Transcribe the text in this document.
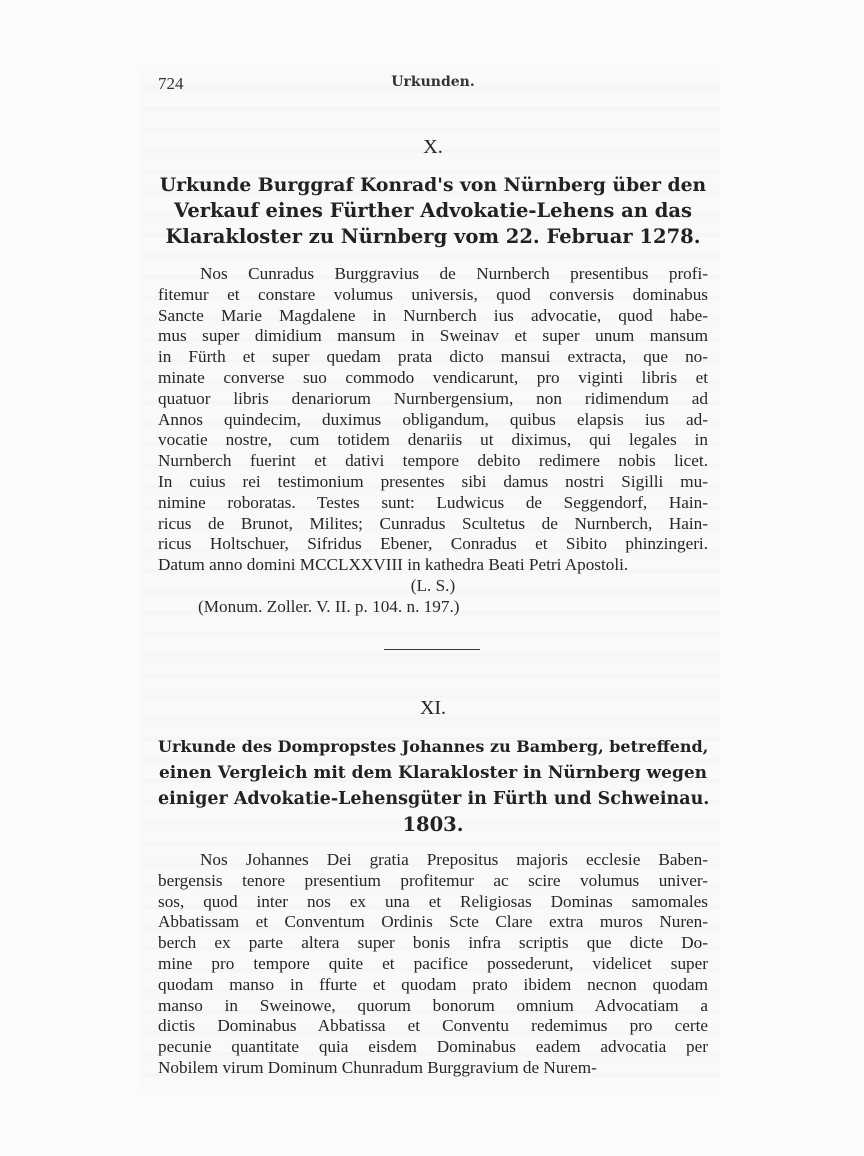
724	Urkunden.
X.
Urkunde Burggraf Konrad's von Nürnberg über den
Verkauf eines Fürther Advokatie-Lehens an das
Klarakloster zu Nürnberg vom 22. Februar 1278.
Nos Cunradus Burggravius de Nurnberch presentibus profi-
fitemur et constare volumus universis, quod conversis dominabus
Sancte Marie Magdalene in Nurnberch ius advocatie, quod habe-
mus super dimidium mansum in Sweinav et super unum mansum
in Fürth et super quedam prata dicto mansui extracta, que no-
minate converse suo commodo vendicarunt, pro viginti libris et
quatuor libris denariorum Nurnbergensium, non ridimendum ad
Annos quindecim, duximus obligandum, quibus elapsis ius ad-
vocatie nostre, cum totidem denariis ut diximus, qui legales in
Nurnberch fuerint et dativi tempore debito redimere nobis licet.
In cuius rei testimonium presentes sibi damus nostri Sigilli mu-
nimine roboratas. Testes sunt: Ludwicus de Seggendorf, Hain-
ricus de Brunot, Milites; Cunradus Scultetus de Nurnberch, Hain-
ricus Holtschuer, Sifridus Ebener, Conradus et Sibito phinzingeri.
Datum anno domini MCCLXXVIII in kathedra Beati Petri Apostoli.
(L. S.)
(Monum. Zoller. V. II. p. 104. n. 197.)
XI.
Urkunde des Dompropstes Johannes zu Bamberg, betreffend,
einen Vergleich mit dem Klarakloster in Nürnberg wegen
einiger Advokatie-Lehensgüter in Fürth und Schweinau.
1803.
Nos Johannes Dei gratia Prepositus majoris ecclesie Baben-
bergensis tenore presentium profitemur ac scire volumus univer-
sos, quod inter nos ex una et Religiosas Dominas samomales
Abbatissam et Conventum Ordinis Scte Clare extra muros Nuren-
berch ex parte altera super bonis infra scriptis que dicte Do-
mine pro tempore quite et pacifice possederunt, videlicet super
quodam manso in ffurte et quodam prato ibidem necnon quodam
manso in Sweinowe, quorum bonorum omnium Advocatiam a
dictis Dominabus Abbatissa et Conventu redemimus pro certe
pecunie quantitate quia eisdem Dominabus eadem advocatia per
Nobilem virum Dominum Chunradum Burggravium de Nurem-
